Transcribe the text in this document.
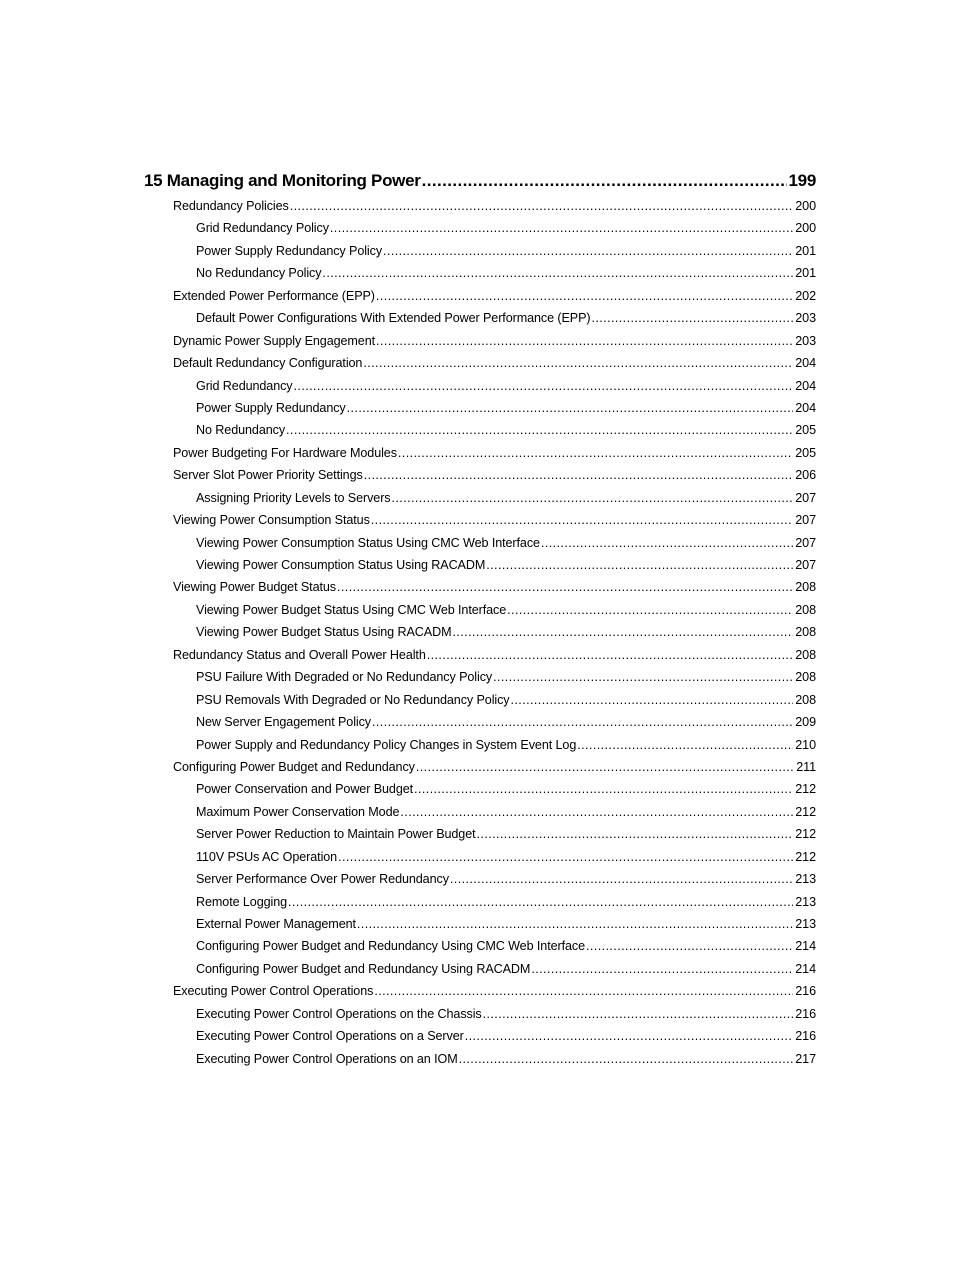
15 Managing and Monitoring Power .....	199
Redundancy Policies .....	200
Grid Redundancy Policy .....	200
Power Supply Redundancy Policy .....	201
No Redundancy Policy .....	201
Extended Power Performance (EPP) .....	202
Default Power Configurations With Extended Power Performance (EPP) .....	203
Dynamic Power Supply Engagement .....	203
Default Redundancy Configuration .....	204
Grid Redundancy .....	204
Power Supply Redundancy .....	204
No Redundancy .....	205
Power Budgeting For Hardware Modules .....	205
Server Slot Power Priority Settings .....	206
Assigning Priority Levels to Servers .....	207
Viewing Power Consumption Status .....	207
Viewing Power Consumption Status Using CMC Web Interface .....	207
Viewing Power Consumption Status Using RACADM .....	207
Viewing Power Budget Status .....	208
Viewing Power Budget Status Using CMC Web Interface .....	208
Viewing Power Budget Status Using RACADM .....	208
Redundancy Status and Overall Power Health .....	208
PSU Failure With Degraded or No Redundancy Policy .....	208
PSU Removals With Degraded or No Redundancy Policy .....	208
New Server Engagement Policy .....	209
Power Supply and Redundancy Policy Changes in System Event Log .....	210
Configuring Power Budget and Redundancy .....	211
Power Conservation and Power Budget .....	212
Maximum Power Conservation Mode .....	212
Server Power Reduction to Maintain Power Budget .....	212
110V PSUs AC Operation .....	212
Server Performance Over Power Redundancy .....	213
Remote Logging .....	213
External Power Management .....	213
Configuring Power Budget and Redundancy Using CMC Web Interface .....	214
Configuring Power Budget and Redundancy Using RACADM .....	214
Executing Power Control Operations .....	216
Executing Power Control Operations on the Chassis .....	216
Executing Power Control Operations on a Server .....	216
Executing Power Control Operations on an IOM .....	217
